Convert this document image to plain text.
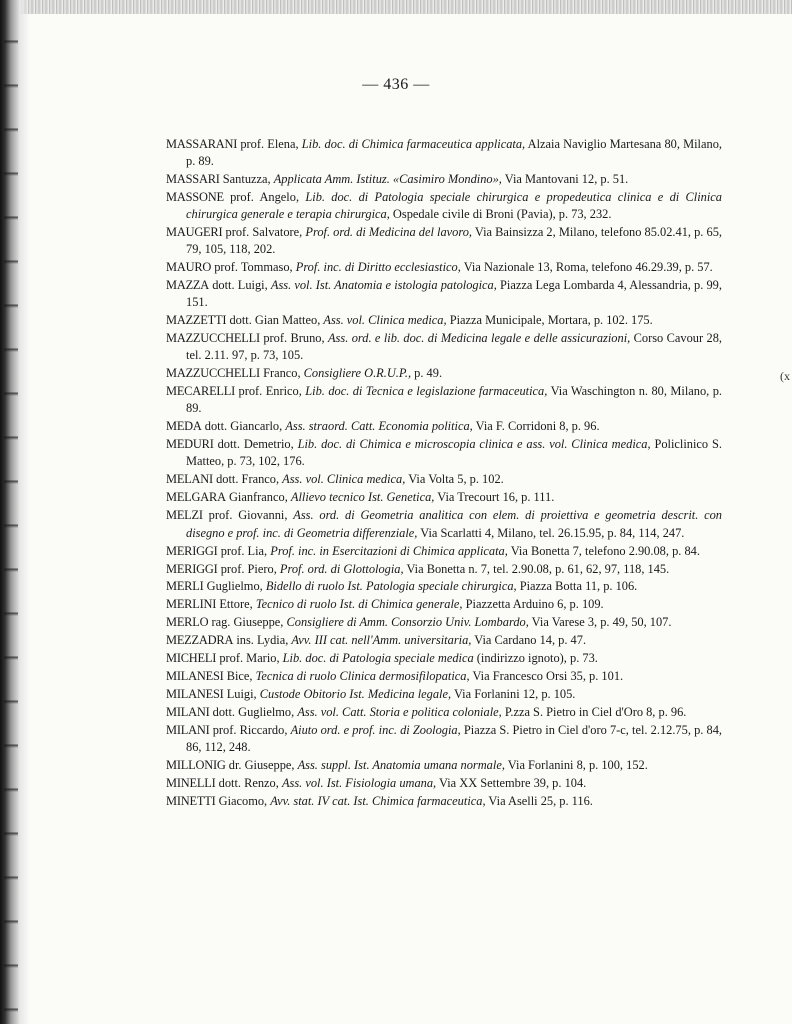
— 436 —
(x

MASSARANI prof. Elena, Lib. doc. di Chimica farmaceutica applicata, Alzaia Naviglio Martesana 80, Milano, p. 89.

MASSARI Santuzza, Applicata Amm. Istituz. «Casimiro Mondino», Via Mantovani 12, p. 51.

MASSONE prof. Angelo, Lib. doc. di Patologia speciale chirurgica e propedeutica clinica e di Clinica chirurgica generale e terapia chirurgica, Ospedale civile di Broni (Pavia), p. 73, 232.

MAUGERI prof. Salvatore, Prof. ord. di Medicina del lavoro, Via Bainsizza 2, Milano, telefono 85.02.41, p. 65, 79, 105, 118, 202.

MAURO prof. Tommaso, Prof. inc. di Diritto ecclesiastico, Via Nazionale 13, Roma, telefono 46.29.39, p. 57.

MAZZA dott. Luigi, Ass. vol. Ist. Anatomia e istologia patologica, Piazza Lega Lombarda 4, Alessandria, p. 99, 151.

MAZZETTI dott. Gian Matteo, Ass. vol. Clinica medica, Piazza Municipale, Mortara, p. 102. 175.

MAZZUCCHELLI prof. Bruno, Ass. ord. e lib. doc. di Medicina legale e delle assicurazioni, Corso Cavour 28, tel. 2.11. 97, p. 73, 105.

MAZZUCCHELLI Franco, Consigliere O.R.U.P., p. 49.

MECARELLI prof. Enrico, Lib. doc. di Tecnica e legislazione farmaceutica, Via Waschington n. 80, Milano, p. 89.

MEDA dott. Giancarlo, Ass. straord. Catt. Economia politica, Via F. Corridoni 8, p. 96.

MEDURI dott. Demetrio, Lib. doc. di Chimica e microscopia clinica e ass. vol. Clinica medica, Policlinico S. Matteo, p. 73, 102, 176.

MELANI dott. Franco, Ass. vol. Clinica medica, Via Volta 5, p. 102.

MELGARA Gianfranco, Allievo tecnico Ist. Genetica, Via Trecourt 16, p. 111.

MELZI prof. Giovanni, Ass. ord. di Geometria analitica con elem. di proiettiva e geometria descrit. con disegno e prof. inc. di Geometria differenziale, Via Scarlatti 4, Milano, tel. 26.15.95, p. 84, 114, 247.

MERIGGI prof. Lia, Prof. inc. in Esercitazioni di Chimica applicata, Via Bonetta 7, telefono 2.90.08, p. 84.

MERIGGI prof. Piero, Prof. ord. di Glottologia, Via Bonetta n. 7, tel. 2.90.08, p. 61, 62, 97, 118, 145.

MERLI Guglielmo, Bidello di ruolo Ist. Patologia speciale chirurgica, Piazza Botta 11, p. 106.

MERLINI Ettore, Tecnico di ruolo Ist. di Chimica generale, Piazzetta Arduino 6, p. 109.

MERLO rag. Giuseppe, Consigliere di Amm. Consorzio Univ. Lombardo, Via Varese 3, p. 49, 50, 107.

MEZZADRA ins. Lydia, Avv. III cat. nell'Amm. universitaria, Via Cardano 14, p. 47.

MICHELI prof. Mario, Lib. doc. di Patologia speciale medica (indirizzo ignoto), p. 73.

MILANESI Bice, Tecnica di ruolo Clinica dermosifilopatica, Via Francesco Orsi 35, p. 101.

MILANESI Luigi, Custode Obitorio Ist. Medicina legale, Via Forlanini 12, p. 105.

MILANI dott. Guglielmo, Ass. vol. Catt. Storia e politica coloniale, P.zza S. Pietro in Ciel d'Oro 8, p. 96.

MILANI prof. Riccardo, Aiuto ord. e prof. inc. di Zoologia, Piazza S. Pietro in Ciel d'oro 7-c, tel. 2.12.75, p. 84, 86, 112, 248.

MILLONIG dr. Giuseppe, Ass. suppl. Ist. Anatomia umana normale, Via Forlanini 8, p. 100, 152.

MINELLI dott. Renzo, Ass. vol. Ist. Fisiologia umana, Via XX Settembre 39, p. 104.

MINETTI Giacomo, Avv. stat. IV cat. Ist. Chimica farmaceutica, Via Aselli 25, p. 116.
